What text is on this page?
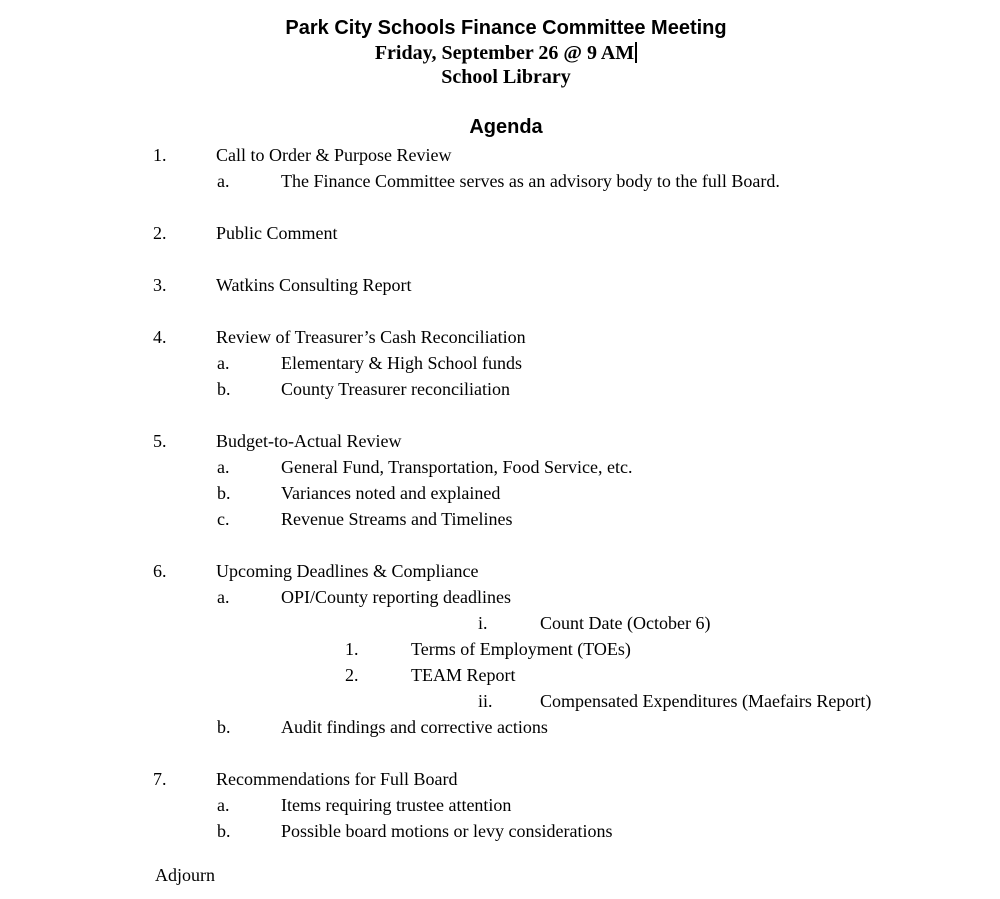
Park City Schools Finance Committee Meeting
Friday, September 26 @ 9 AM
School Library
Agenda
1.	Call to Order & Purpose Review
a.	The Finance Committee serves as an advisory body to the full Board.
2.	Public Comment
3.	Watkins Consulting Report
4.	Review of Treasurer’s Cash Reconciliation
a.	Elementary & High School funds
b.	County Treasurer reconciliation
5.	Budget-to-Actual Review
a.	General Fund, Transportation, Food Service, etc.
b.	Variances noted and explained
c.	Revenue Streams and Timelines
6.	Upcoming Deadlines & Compliance
a.	OPI/County reporting deadlines
i.	Count Date (October 6)
1.	Terms of Employment (TOEs)
2.	TEAM Report
ii.	Compensated Expenditures (Maefairs Report)
b.	Audit findings and corrective actions
7.	Recommendations for Full Board
a.	Items requiring trustee attention
b.	Possible board motions or levy considerations
Adjourn
